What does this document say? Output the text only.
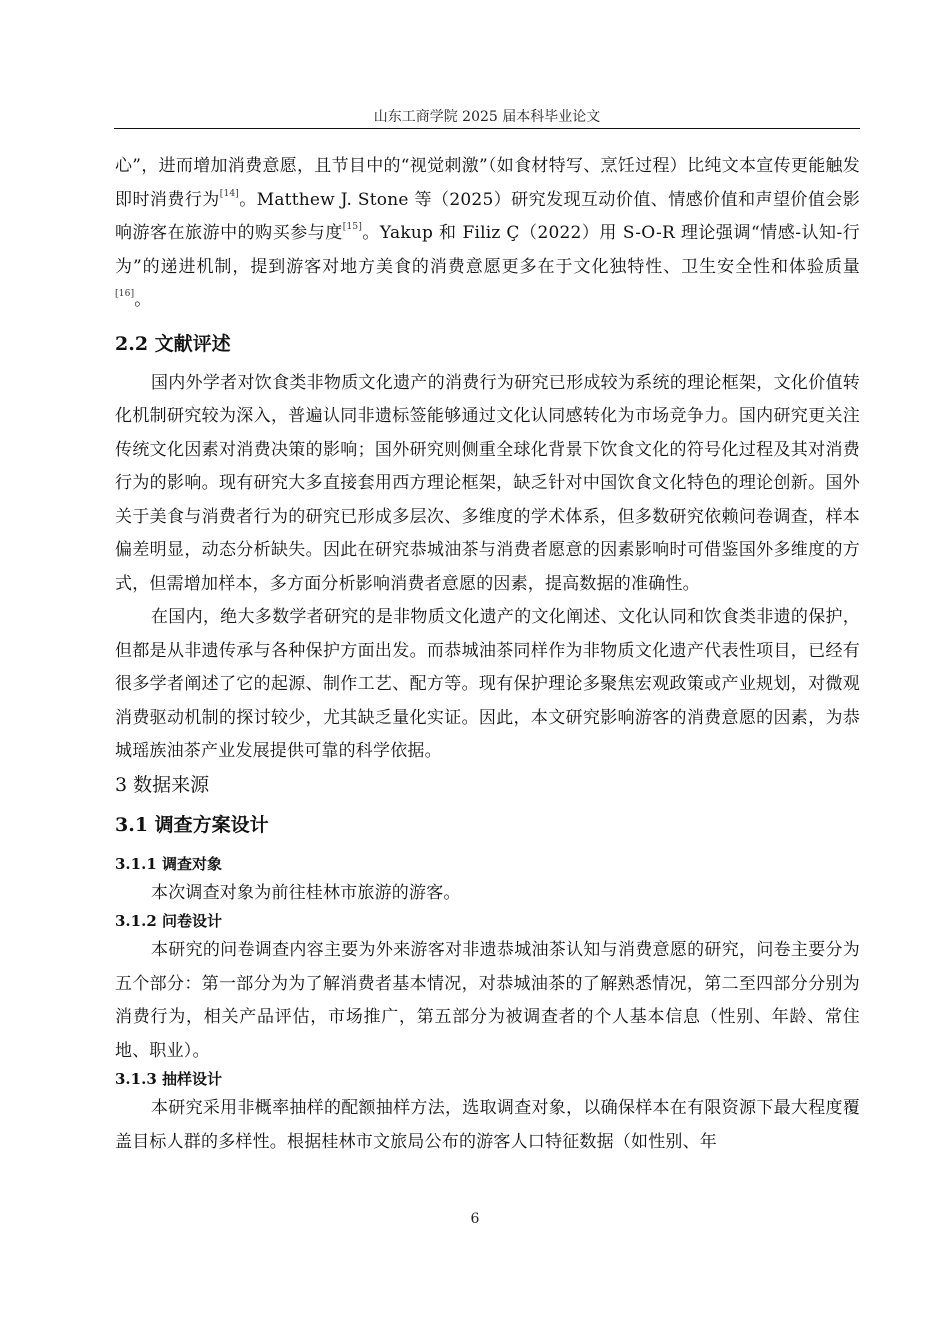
山东工商学院 2025 届本科毕业论文

心”，进而增加消费意愿，且节目中的“视觉刺激”（如食材特写、烹饪过程）比纯文本宣传更能触发即时消费行为[14]。Matthew J. Stone 等（2025）研究发现互动价值、情感价值和声望价值会影响游客在旅游中的购买参与度[15]。Yakup 和 Filiz Ç（2022）用 S-O-R 理论强调“情感-认知-行为”的递进机制，提到游客对地方美食的消费意愿更多在于文化独特性、卫生安全性和体验质量[16]。

2.2 文献评述

国内外学者对饮食类非物质文化遗产的消费行为研究已形成较为系统的理论框架，文化价值转化机制研究较为深入，普遍认同非遗标签能够通过文化认同感转化为市场竞争力。国内研究更关注传统文化因素对消费决策的影响；国外研究则侧重全球化背景下饮食文化的符号化过程及其对消费行为的影响。现有研究大多直接套用西方理论框架，缺乏针对中国饮食文化特色的理论创新。国外关于美食与消费者行为的研究已形成多层次、多维度的学术体系，但多数研究依赖问卷调查，样本偏差明显，动态分析缺失。因此在研究恭城油茶与消费者愿意的因素影响时可借鉴国外多维度的方式，但需增加样本，多方面分析影响消费者意愿的因素，提高数据的准确性。

在国内，绝大多数学者研究的是非物质文化遗产的文化阐述、文化认同和饮食类非遗的保护，但都是从非遗传承与各种保护方面出发。而恭城油茶同样作为非物质文化遗产代表性项目，已经有很多学者阐述了它的起源、制作工艺、配方等。现有保护理论多聚焦宏观政策或产业规划，对微观消费驱动机制的探讨较少，尤其缺乏量化实证。因此，本文研究影响游客的消费意愿的因素，为恭城瑶族油茶产业发展提供可靠的科学依据。

3 数据来源
3.1 调查方案设计
3.1.1 调查对象

本次调查对象为前往桂林市旅游的游客。

3.1.2 问卷设计

本研究的问卷调查内容主要为外来游客对非遗恭城油茶认知与消费意愿的研究，问卷主要分为五个部分：第一部分为为了解消费者基本情况，对恭城油茶的了解熟悉情况，第二至四部分分别为消费行为，相关产品评估，市场推广，第五部分为被调查者的个人基本信息（性别、年龄、常住地、职业）。

3.1.3 抽样设计

本研究采用非概率抽样的配额抽样方法，选取调查对象，以确保样本在有限资源下最大程度覆盖目标人群的多样性。根据桂林市文旅局公布的游客人口特征数据（如性别、年

6
